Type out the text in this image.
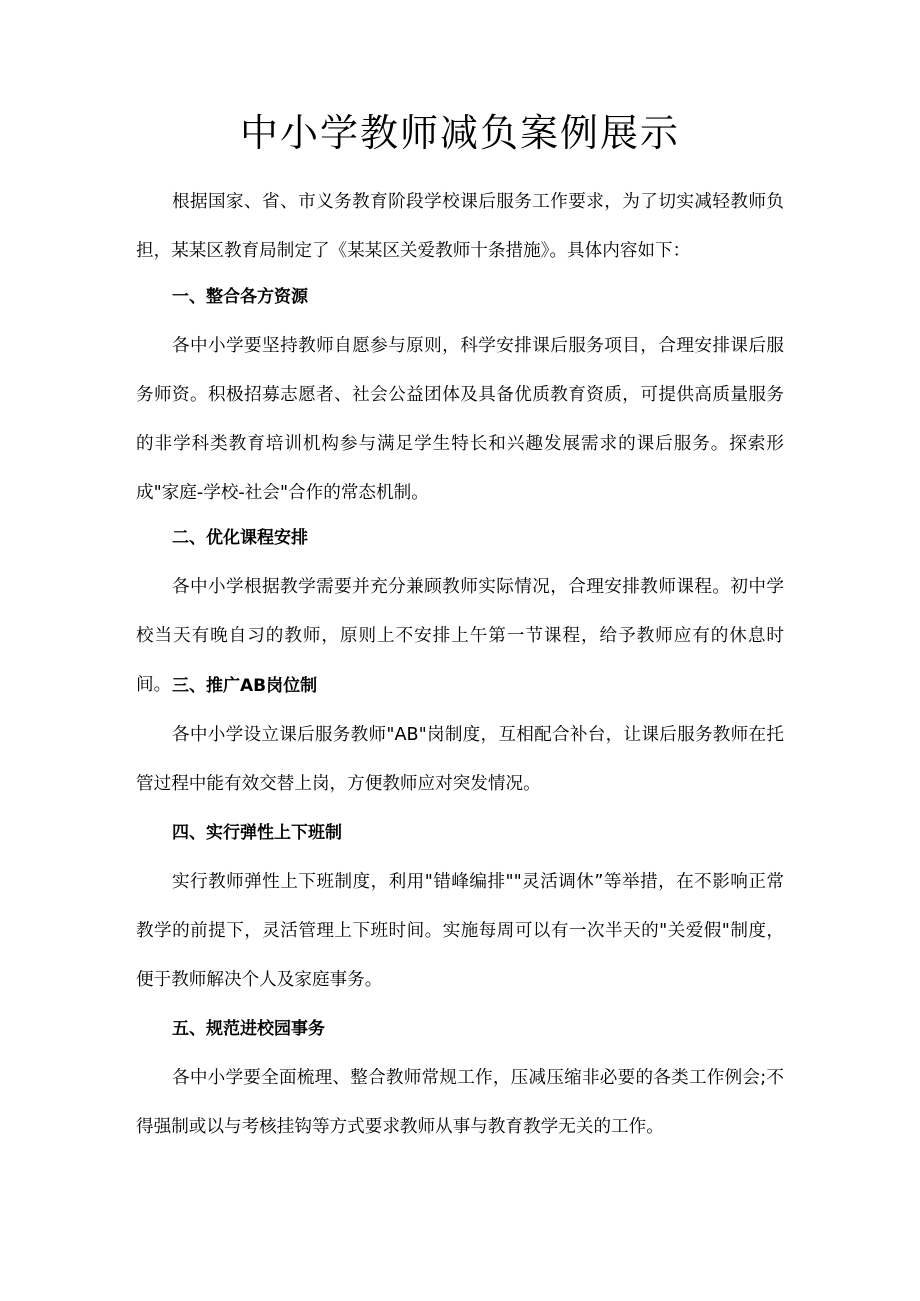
中小学教师减负案例展示

根据国家、省、市义务教育阶段学校课后服务工作要求，为了切实减轻教师负担，某某区教育局制定了《某某区关爱教师十条措施》。具体内容如下：

一、整合各方资源

各中小学要坚持教师自愿参与原则，科学安排课后服务项目，合理安排课后服务师资。积极招募志愿者、社会公益团体及具备优质教育资质，可提供高质量服务的非学科类教育培训机构参与满足学生特长和兴趣发展需求的课后服务。探索形成"家庭-学校-社会"合作的常态机制。

二、优化课程安排

各中小学根据教学需要并充分兼顾教师实际情况，合理安排教师课程。初中学校当天有晚自习的教师，原则上不安排上午第一节课程，给予教师应有的休息时间。 三、推广AB岗位制

各中小学设立课后服务教师"AB"岗制度，互相配合补台，让课后服务教师在托管过程中能有效交替上岗，方便教师应对突发情况。

四、实行弹性上下班制

实行教师弹性上下班制度，利用"错峰编排""灵活调休”等举措，在不影响正常教学的前提下，灵活管理上下班时间。实施每周可以有一次半天的"关爱假"制度，便于教师解决个人及家庭事务。

五、规范进校园事务

各中小学要全面梳理、整合教师常规工作，压减压缩非必要的各类工作例会;不得强制或以与考核挂钩等方式要求教师从事与教育教学无关的工作。
